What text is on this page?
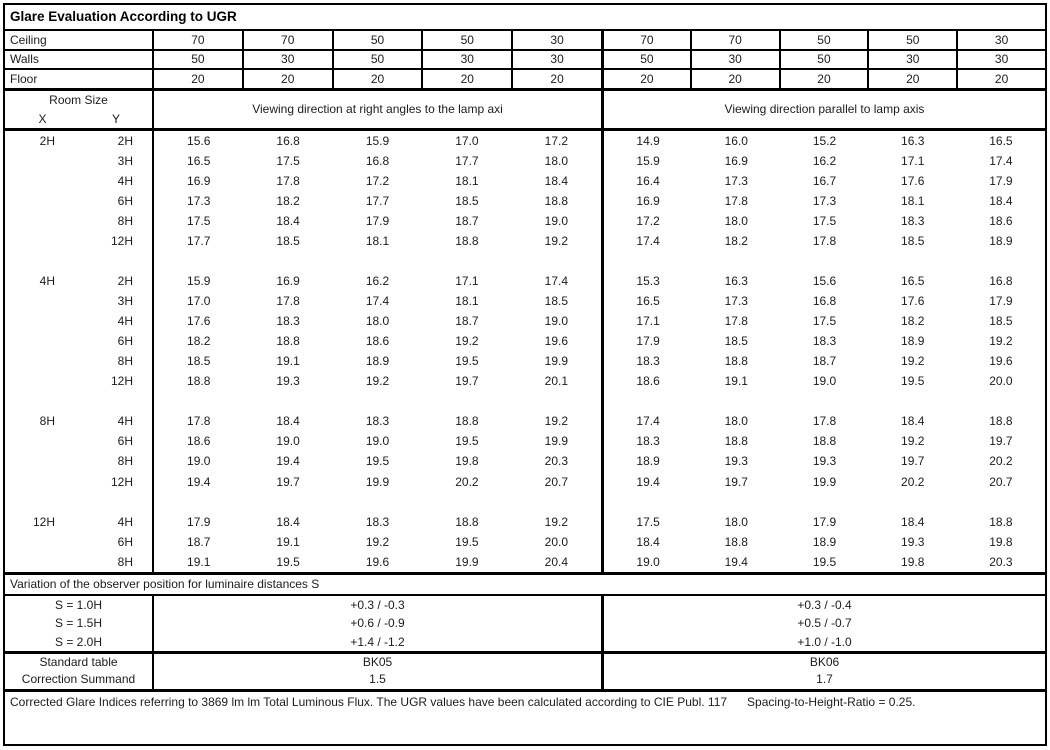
Glare Evaluation According to UGR
Ceiling	70	70	50	50	30	70	70	50	50	30
Walls	50	30	50	30	30	50	30	50	30	30
Floor	20	20	20	20	20	20	20	20	20	20
Room Size
X	Y
Viewing direction at right angles to the lamp axi	Viewing direction parallel to lamp axis
2H	2H	15.6	16.8	15.9	17.0	17.2	14.9	16.0	15.2	16.3	16.5
3H	16.5	17.5	16.8	17.7	18.0	15.9	16.9	16.2	17.1	17.4
4H	16.9	17.8	17.2	18.1	18.4	16.4	17.3	16.7	17.6	17.9
6H	17.3	18.2	17.7	18.5	18.8	16.9	17.8	17.3	18.1	18.4
8H	17.5	18.4	17.9	18.7	19.0	17.2	18.0	17.5	18.3	18.6
12H	17.7	18.5	18.1	18.8	19.2	17.4	18.2	17.8	18.5	18.9
4H	2H	15.9	16.9	16.2	17.1	17.4	15.3	16.3	15.6	16.5	16.8
3H	17.0	17.8	17.4	18.1	18.5	16.5	17.3	16.8	17.6	17.9
4H	17.6	18.3	18.0	18.7	19.0	17.1	17.8	17.5	18.2	18.5
6H	18.2	18.8	18.6	19.2	19.6	17.9	18.5	18.3	18.9	19.2
8H	18.5	19.1	18.9	19.5	19.9	18.3	18.8	18.7	19.2	19.6
12H	18.8	19.3	19.2	19.7	20.1	18.6	19.1	19.0	19.5	20.0
8H	4H	17.8	18.4	18.3	18.8	19.2	17.4	18.0	17.8	18.4	18.8
6H	18.6	19.0	19.0	19.5	19.9	18.3	18.8	18.8	19.2	19.7
8H	19.0	19.4	19.5	19.8	20.3	18.9	19.3	19.3	19.7	20.2
12H	19.4	19.7	19.9	20.2	20.7	19.4	19.7	19.9	20.2	20.7
12H	4H	17.9	18.4	18.3	18.8	19.2	17.5	18.0	17.9	18.4	18.8
6H	18.7	19.1	19.2	19.5	20.0	18.4	18.8	18.9	19.3	19.8
8H	19.1	19.5	19.6	19.9	20.4	19.0	19.4	19.5	19.8	20.3
Variation of the observer position for luminaire distances S
S = 1.0H	+0.3 / -0.3	+0.3 / -0.4
S = 1.5H	+0.6 / -0.9	+0.5 / -0.7
S = 2.0H	+1.4 / -1.2	+1.0 / -1.0
Standard table	BK05	BK06
Correction Summand	1.5	1.7
Corrected Glare Indices referring to 3869 lm lm Total Luminous Flux. The UGR values have been calculated according to CIE Publ. 117 Spacing-to-Height-Ratio = 0.25.
